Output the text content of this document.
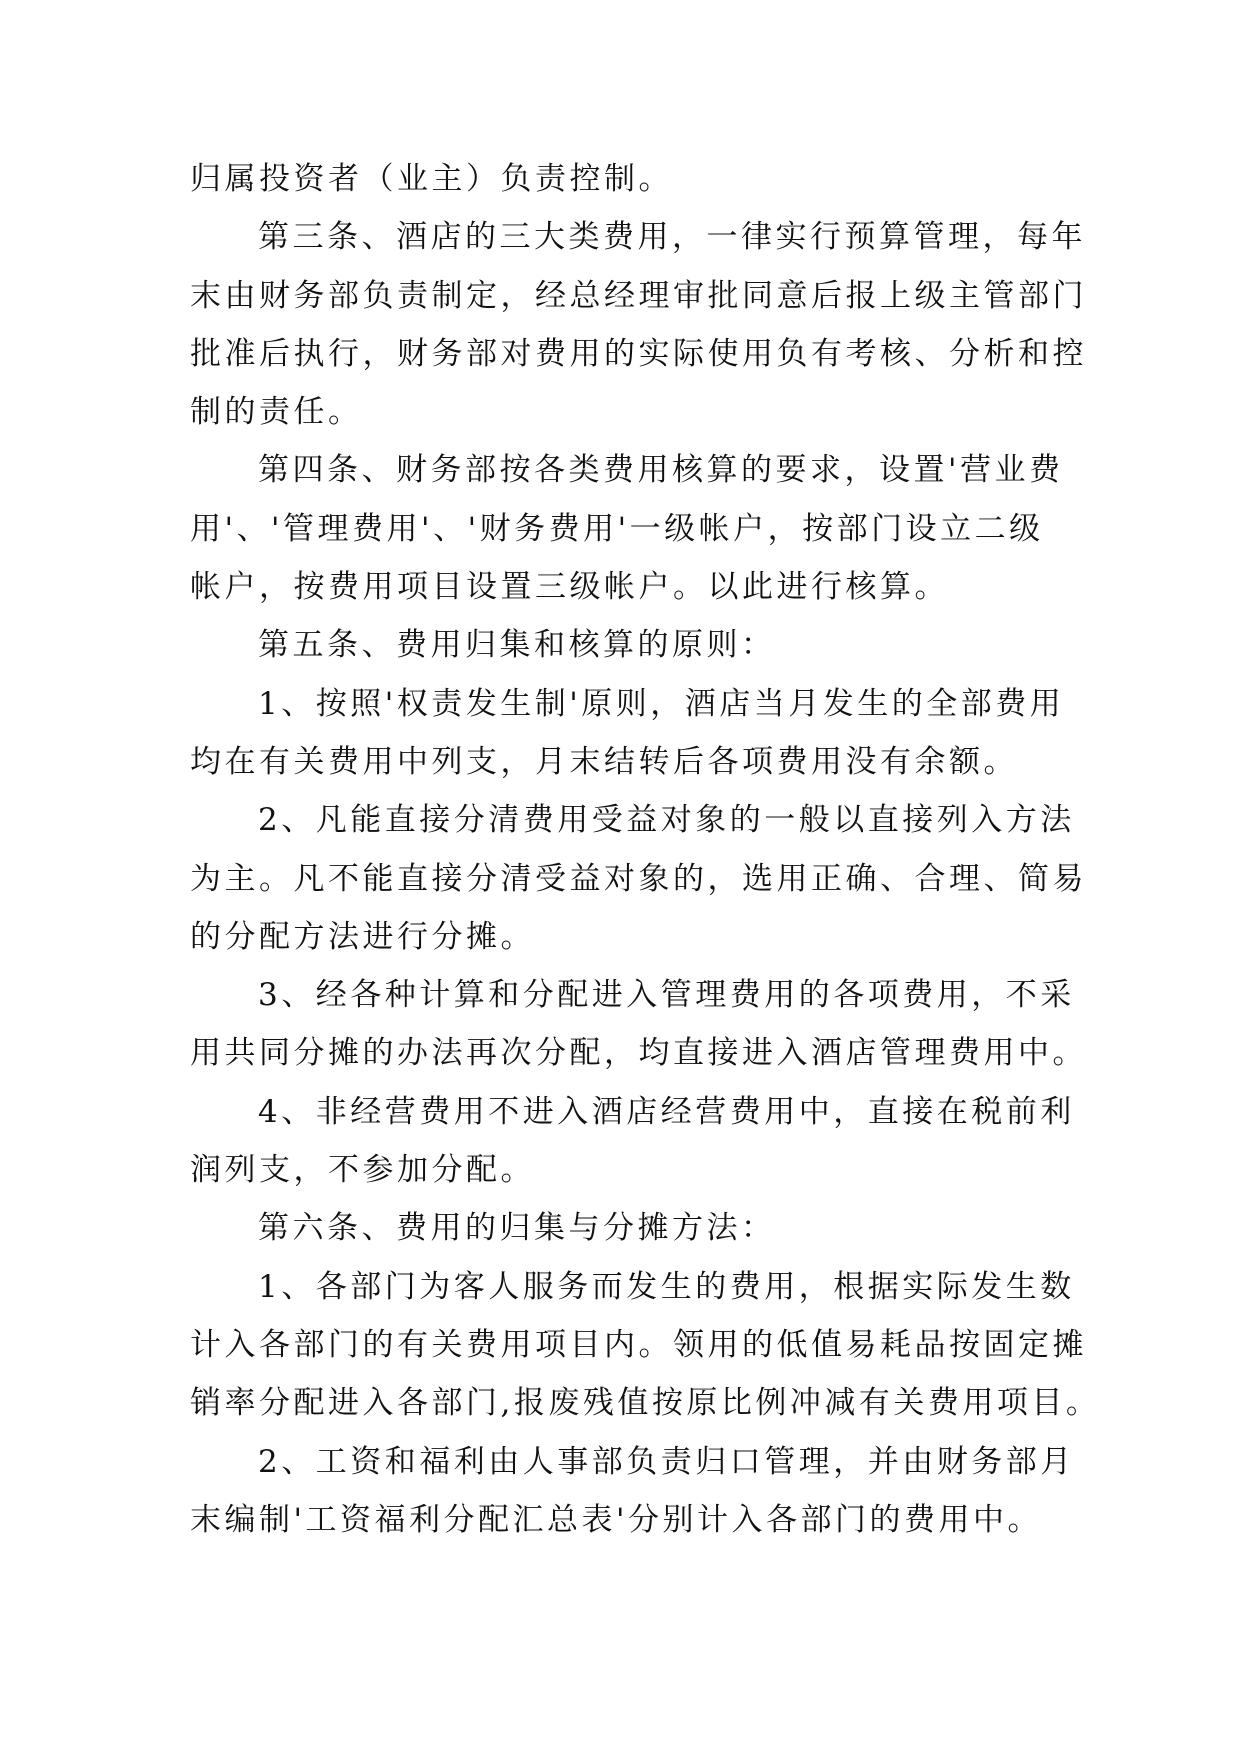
归属投资者（业主）负责控制。
第三条、酒店的三大类费用，一律实行预算管理，每年
末由财务部负责制定，经总经理审批同意后报上级主管部门
批准后执行，财务部对费用的实际使用负有考核、分析和控
制的责任。
第四条、财务部按各类费用核算的要求，设置'营业费
用'、'管理费用'、'财务费用'一级帐户，按部门设立二级
帐户，按费用项目设置三级帐户。以此进行核算。
第五条、费用归集和核算的原则：
1、按照'权责发生制'原则，酒店当月发生的全部费用
均在有关费用中列支，月末结转后各项费用没有余额。
2、凡能直接分清费用受益对象的一般以直接列入方法
为主。凡不能直接分清受益对象的，选用正确、合理、简易
的分配方法进行分摊。
3、经各种计算和分配进入管理费用的各项费用，不采
用共同分摊的办法再次分配，均直接进入酒店管理费用中。
4、非经营费用不进入酒店经营费用中，直接在税前利
润列支，不参加分配。
第六条、费用的归集与分摊方法：
1、各部门为客人服务而发生的费用，根据实际发生数
计入各部门的有关费用项目内。领用的低值易耗品按固定摊
销率分配进入各部门,报废残值按原比例冲减有关费用项目。
2、工资和福利由人事部负责归口管理，并由财务部月
末编制'工资福利分配汇总表'分别计入各部门的费用中。
